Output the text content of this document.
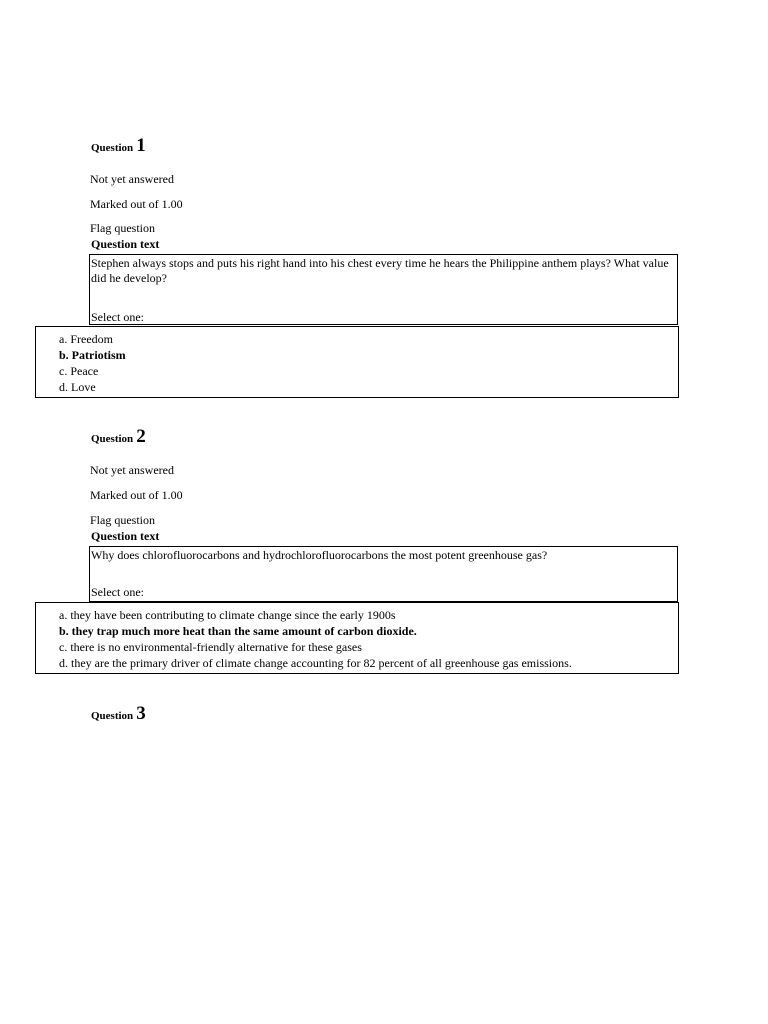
Question 1
Not yet answered
Marked out of 1.00
Flag question
Question text
Stephen always stops and puts his right hand into his chest every time he hears the Philippine anthem plays? What value did he develop?
Select one:
a. Freedom
b. Patriotism
c. Peace
d. Love
Question 2
Not yet answered
Marked out of 1.00
Flag question
Question text
Why does chlorofluorocarbons and hydrochlorofluorocarbons the most potent greenhouse gas?
Select one:
a. they have been contributing to climate change since the early 1900s
b. they trap much more heat than the same amount of carbon dioxide.
c. there is no environmental-friendly alternative for these gases
d. they are the primary driver of climate change accounting for 82 percent of all greenhouse gas emissions.
Question 3
